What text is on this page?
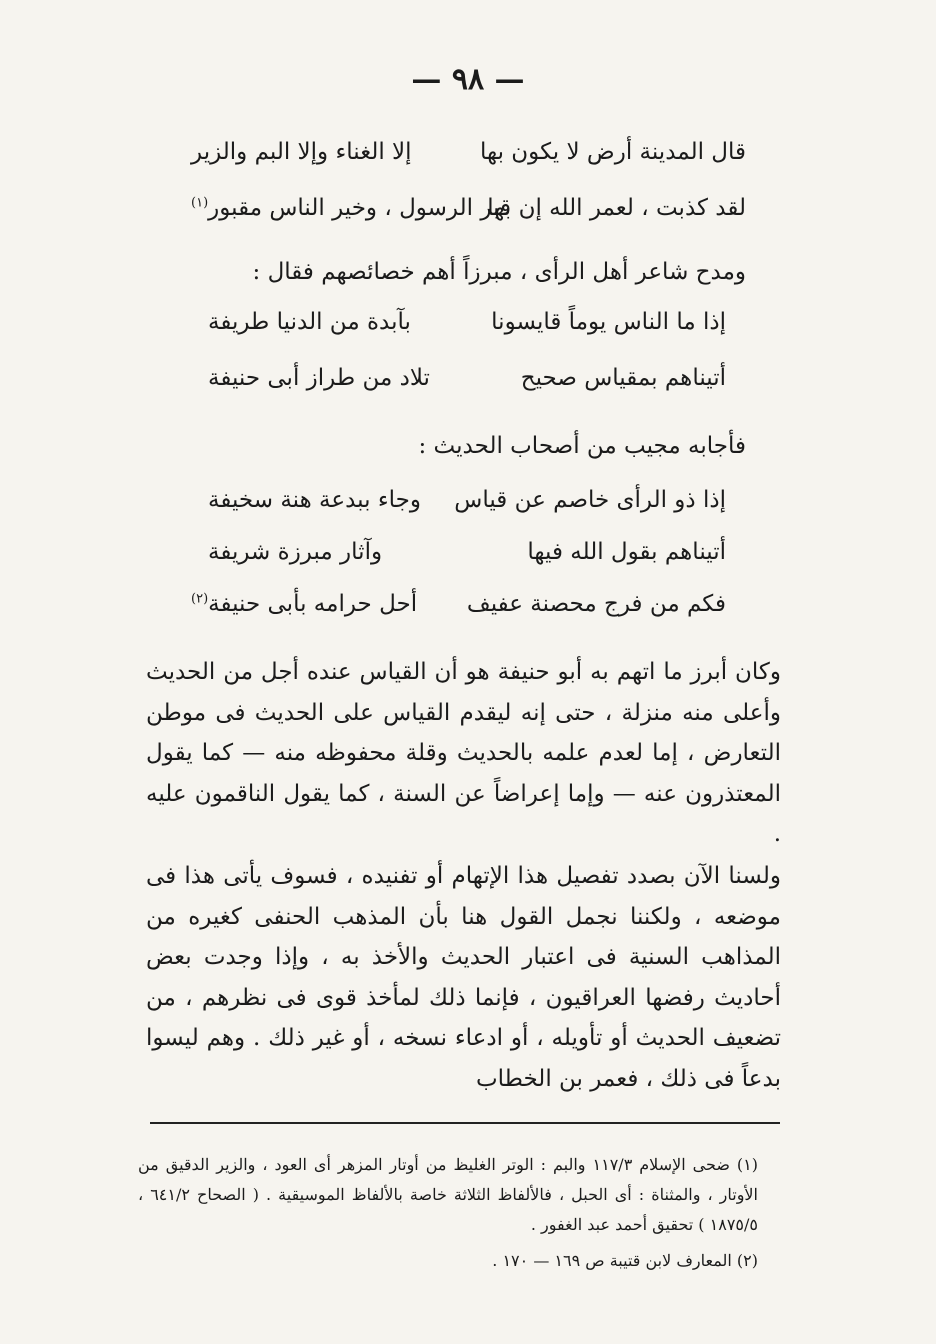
— ٩٨ —
قال المدينة أرض لا يكون بها
إلا الغناء وإلا البم والزير
لقد كذبت ، لعمر الله إن بها
قبر الرسول ، وخير الناس مقبور$^{(١)}$
ومدح شاعر أهل الرأى ، مبرزاً أهم خصائصهم فقال :
إذا ما الناس يوماً قايسونا
بآبدة من الدنيا طريفة
أتيناهم بمقياس صحيح
تلاد من طراز أبى حنيفة
فأجابه مجيب من أصحاب الحديث :
إذا ذو الرأى خاصم عن قياس
وجاء ببدعة هنة سخيفة
أتيناهم بقول الله فيها
وآثار مبرزة شريفة
فكم من فرج محصنة عفيف
أحل حرامه بأبى حنيفة$^{(٢)}$

وكان أبرز ما اتهم به أبو حنيفة هو أن القياس عنده أجل من الحديث وأعلى منه منزلة ، حتى إنه ليقدم القياس على الحديث فى موطن التعارض ، إما لعدم علمه بالحديث وقلة محفوظه منه — كما يقول المعتذرون عنه — وإما إعراضاً عن السنة ، كما يقول الناقمون عليه .

ولسنا الآن بصدد تفصيل هذا الإتهام أو تفنيده ، فسوف يأتى هذا فى موضعه ، ولكننا نجمل القول هنا بأن المذهب الحنفى كغيره من المذاهب السنية فى اعتبار الحديث والأخذ به ، وإذا وجدت بعض أحاديث رفضها العراقيون ، فإنما ذلك لمأخذ قوى فى نظرهم ، من تضعيف الحديث أو تأويله ، أو ادعاء نسخه ، أو غير ذلك . وهم ليسوا بدعاً فى ذلك ، فعمر بن الخطاب

(١) ضحى الإسلام ١١٧/٣ والبم : الوتر الغليظ من أوتار المزهر أى العود ، والزير الدقيق من الأوتار ، والمثناة : أى الحبل ، فالألفاظ الثلاثة خاصة بالألفاظ الموسيقية . ( الصحاح ٦٤١/٢ ، ١٨٧٥/٥ ) تحقيق أحمد عبد الغفور .

(٢) المعارف لابن قتيبة ص ١٦٩ — ١٧٠ .
